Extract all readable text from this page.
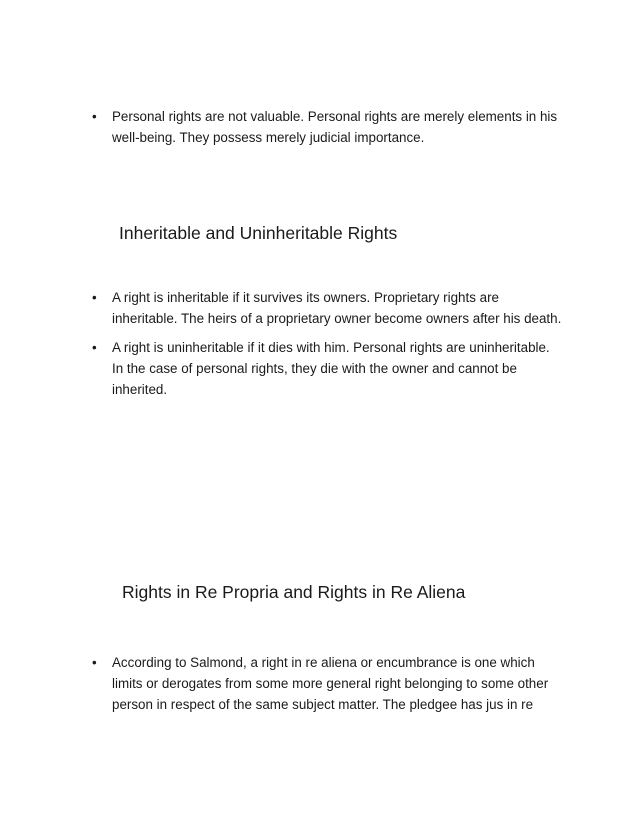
• Personal rights are not valuable. Personal rights are merely elements in his well-being. They possess merely judicial importance.
Inheritable and Uninheritable Rights
• A right is inheritable if it survives its owners. Proprietary rights are inheritable. The heirs of a proprietary owner become owners after his death.
• A right is uninheritable if it dies with him. Personal rights are uninheritable. In the case of personal rights, they die with the owner and cannot be inherited.
Rights in Re Propria and Rights in Re Aliena
• According to Salmond, a right in re aliena or encumbrance is one which limits or derogates from some more general right belonging to some other person in respect of the same subject matter. The pledgee has jus in re
